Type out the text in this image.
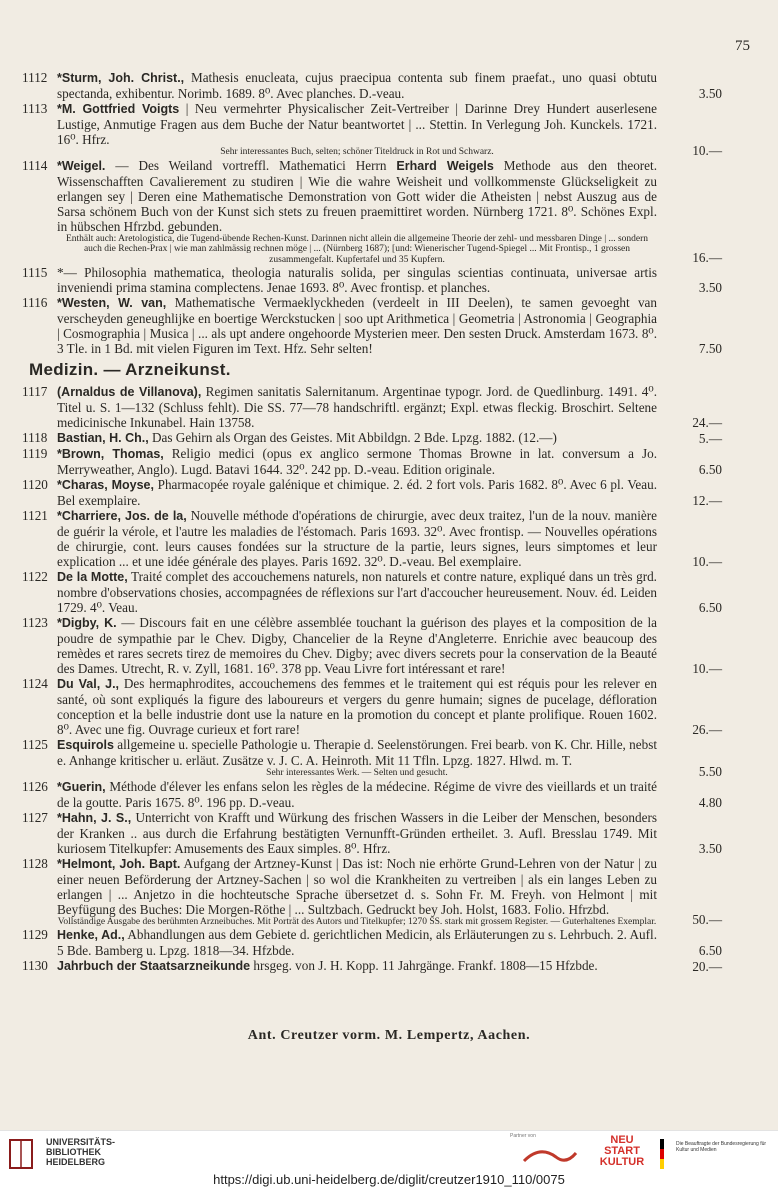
75
1112 *Sturm, Joh. Christ., Mathesis enucleata, cujus praecipua contenta sub finem praefat., uno quasi obtutu spectanda, exhibentur. Norimb. 1689. 8⁰. Avec planches. D.-veau.	3.50
1113 *M. Gottfried Voigts | Neu vermehrter Physicalischer Zeit-Vertreiber | Darinne Drey Hundert auserlesene Lustige, Anmutige Fragen aus dem Buche der Natur beantwortet | ... Stettin. In Verlegung Joh. Kunckels. 1721. 16⁰. Hfrz.
Sehr interessantes Buch, selten; schöner Titeldruck in Rot und Schwarz.	10.—
1114 *Weigel. — Des Weiland vortreffl. Mathematici Herrn Erhard Weigels Methode aus den theoret. Wissenschafften Cavalierement zu studiren | Wie die wahre Weisheit und vollkommenste Glückseligkeit zu erlangen sey | Deren eine Mathematische Demonstration von Gott wider die Atheisten | nebst Auszug aus de Sarsa schönem Buch von der Kunst sich stets zu freuen praemittiret worden. Nürnberg 1721. 8⁰. Schönes Expl. in hübschen Hfrzbd. gebunden.
Enthält auch: Aretologistica, die Tugend-übende Rechen-Kunst. Darinnen nicht allein die allgemeine Theorie der zehl- und messbaren Dinge | ... sondern auch die Rechen-Prax | wie man zahlmässig rechnen möge | ... (Nürnberg 1687); [und: Wienerischer Tugend-Spiegel ... Mit Frontisp., 1 grossen zusammengefalt. Kupfertafel und 35 Kupfern.	16.—
1115 *— Philosophia mathematica, theologia naturalis solida, per singulas scientias continuata, universae artis inveniendi prima stamina complectens. Jenae 1693. 8⁰. Avec frontisp. et planches.	3.50
1116 *Westen, W. van, Mathematische Vermaeklyckheden (verdeelt in III Deelen), te samen gevoeght van verscheyden geneughlijke en boertige Werckstucken | soo upt Arithmetica | Geometria | Astronomia | Geographia | Cosmographia | Musica | ... als upt andere ongehoorde Mysterien meer. Den sesten Druck. Amsterdam 1673. 8⁰. 3 Tle. in 1 Bd. mit vielen Figuren im Text. Hfz. Sehr selten!	7.50
Medizin. — Arzneikunst.
1117 (Arnaldus de Villanova), Regimen sanitatis Salernitanum. Argentinae typogr. Jord. de Quedlinburg. 1491. 4⁰. Titel u. S. 1—132 (Schluss fehlt). Die SS. 77—78 handschriftl. ergänzt; Expl. etwas fleckig. Broschirt. Seltene medicinische Inkunabel. Hain 13758.	24.—
1118 Bastian, H. Ch., Das Gehirn als Organ des Geistes. Mit Abbildgn. 2 Bde. Lpzg. 1882. (12.—)	5.—
1119 *Brown, Thomas, Religio medici (opus ex anglico sermone Thomas Browne in lat. conversum a Jo. Merryweather, Anglo). Lugd. Batavi 1644. 32⁰. 242 pp. D.-veau. Edition originale.	6.50
1120 *Charas, Moyse, Pharmacopée royale galénique et chimique. 2. éd. 2 fort vols. Paris 1682. 8⁰. Avec 6 pl. Veau. Bel exemplaire.	12.—
1121 *Charriere, Jos. de la, Nouvelle méthode d'opérations de chirurgie, avec deux traitez, l'un de la nouv. manière de guérir la vérole, et l'autre les maladies de l'éstomach. Paris 1693. 32⁰. Avec frontisp. — Nouvelles opérations de chirurgie, cont. leurs causes fondées sur la structure de la partie, leurs signes, leurs simptomes et leur explication ... et une idée générale des playes. Paris 1692. 32⁰. D.-veau. Bel exemplaire.	10.—
1122 De la Motte, Traité complet des accouchemens naturels, non naturels et contre nature, expliqué dans un très grd. nombre d'observations chosies, accompagnées de réflexions sur l'art d'accoucher heureusement. Nouv. éd. Leiden 1729. 4⁰. Veau.	6.50
1123 *Digby, K. — Discours fait en une célèbre assemblée touchant la guérison des playes et la composition de la poudre de sympathie par le Chev. Digby, Chancelier de la Reyne d'Angleterre. Enrichie avec beaucoup des remèdes et rares secrets tirez de memoires du Chev. Digby; avec divers secrets pour la conservation de la Beauté des Dames. Utrecht, R. v. Zyll, 1681. 16⁰. 378 pp. Veau Livre fort intéressant et rare!	10.—
1124 Du Val, J., Des hermaphrodites, accouchemens des femmes et le traitement qui est réquis pour les relever en santé, où sont expliqués la figure des laboureurs et vergers du genre humain; signes de pucelage, défloration conception et la belle industrie dont use la nature en la promotion du concept et plante prolifique. Rouen 1602. 8⁰. Avec une fig. Ouvrage curieux et fort rare!	26.—
1125 Esquirols allgemeine u. specielle Pathologie u. Therapie d. Seelenstörungen. Frei bearb. von K. Chr. Hille, nebst e. Anhange kritischer u. erläut. Zusätze v. J. C. A. Heinroth. Mit 11 Tfln. Lpzg. 1827. Hlwd. m. T.
Sehr interessantes Werk. — Selten und gesucht.	5.50
1126 *Guerin, Méthode d'élever les enfans selon les règles de la médecine. Régime de vivre des vieillards et un traité de la goutte. Paris 1675. 8⁰. 196 pp. D.-veau.	4.80
1127 *Hahn, J. S., Unterricht von Krafft und Würkung des frischen Wassers in die Leiber der Menschen, besonders der Kranken .. aus durch die Erfahrung bestätigten Vernunfft-Gründen ertheilet. 3. Aufl. Bresslau 1749. Mit kuriosem Titelkupfer: Amusements des Eaux simples. 8⁰. Hfrz.	3.50
1128 *Helmont, Joh. Bapt. Aufgang der Artzney-Kunst | Das ist: Noch nie erhörte Grund-Lehren von der Natur | zu einer neuen Beförderung der Artzney-Sachen | so wol die Krankheiten zu vertreiben | als ein langes Leben zu erlangen | ... Anjetzo in die hochteutsche Sprache übersetzet d. s. Sohn Fr. M. Freyh. von Helmont | mit Beyfügung des Buches: Die Morgen-Röthe | ... Sultzbach. Gedruckt bey Joh. Holst, 1683. Folio. Hfrzbd.
Vollständige Ausgabe des berühmten Arzneibuches. Mit Porträt des Autors und Titelkupfer; 1270 SS. stark mit grossem Register. — Guterhaltenes Exemplar.	50.—
1129 Henke, Ad., Abhandlungen aus dem Gebiete d. gerichtlichen Medicin, als Erläuterungen zu s. Lehrbuch. 2. Aufl. 5 Bde. Bamberg u. Lpzg. 1818—34. Hfzbde.	6.50
1130 Jahrbuch der Staatsarzneikunde hrsgeg. von J. H. Kopp. 11 Jahrgänge. Frankf. 1808—15 Hfzbde.	20.—
Ant. Creutzer vorm. M. Lempertz, Aachen.
UNIVERSITÄTS-
BIBLIOTHEK
HEIDELBERG
Partner von	NEU
START
KULTUR
Die Beauftragte der Bundesregierung für Kultur und Medien
https://digi.ub.uni-heidelberg.de/diglit/creutzer1910_110/0075
